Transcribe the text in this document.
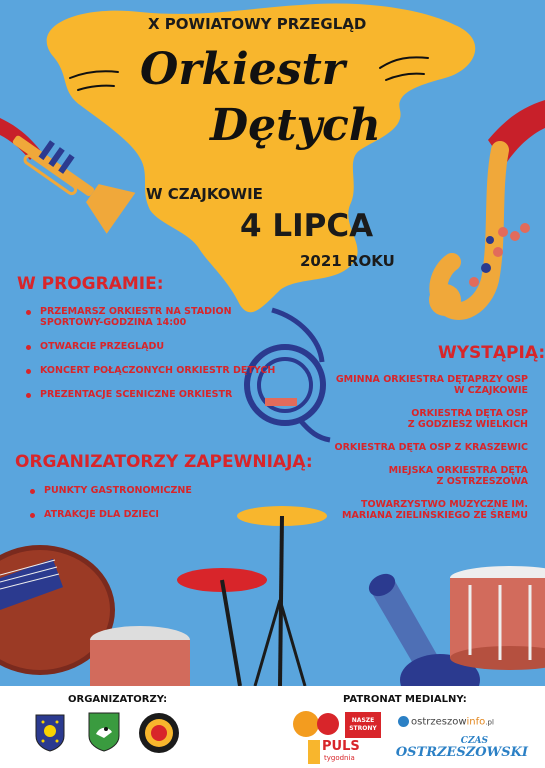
X POWIATOWY PRZEGLĄD
Orkiestr
Dętych
W CZAJKOWIE
4 LIPCA
2021 ROKU
W PROGRAMIE:
PRZEMARSZ ORKIESTR NA STADION
SPORTOWY-GODZINA 14:00
OTWARCIE PRZEGLĄDU
KONCERT POŁĄCZONYCH ORKIESTR DĘTYCH
PREZENTACJE SCENICZNE ORKIESTR
ORGANIZATORZY ZAPEWNIAJĄ:
PUNKTY GASTRONOMICZNE
ATRAKCJE DLA DZIECI
WYSTĄPIĄ:
GMINNA ORKIESTRA DĘTAPRZY OSP
W CZAJKOWIE
ORKIESTRA DĘTA OSP
Z GODZIESZ WIELKICH
ORKIESTRA DĘTA OSP Z KRASZEWIC
MIEJSKA ORKIESTRA DĘTA
Z OSTRZESZOWA
TOWARZYSTWO MUZYCZNE IM.
MARIANA ZIELIŃSKIEGO ZE ŚREMU
ORGANIZATORZY:	PATRONAT MEDIALNY:
NASZE STRONY
ostrzeszowinfo.pl
PULS
tygodnia
CZAS
OSTRZESZOWSKI
